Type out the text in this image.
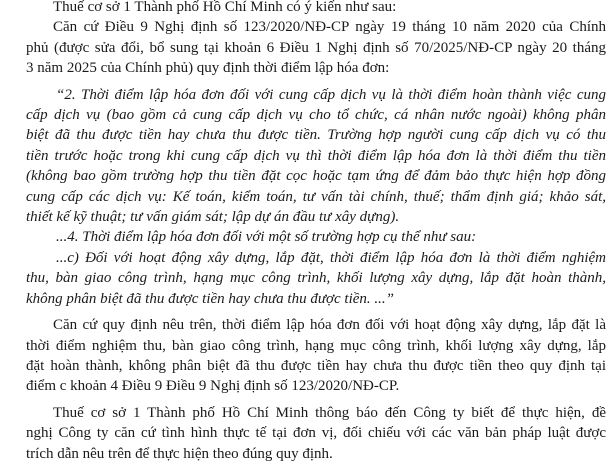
Thuế cơ sở 1 Thành phố Hồ Chí Minh có ý kiến như sau:

Căn cứ Điều 9 Nghị định số 123/2020/NĐ-CP ngày 19 tháng 10 năm 2020 của Chính
phủ (được sửa đổi, bổ sung tại khoản 6 Điều 1 Nghị định số 70/2025/NĐ-CP ngày 20 tháng
3 năm 2025 của Chính phủ) quy định thời điểm lập hóa đơn:

“2. Thời điểm lập hóa đơn đối với cung cấp dịch vụ là thời điểm hoàn thành việc cung
cấp dịch vụ (bao gồm cả cung cấp dịch vụ cho tổ chức, cá nhân nước ngoài) không phân
biệt đã thu được tiền hay chưa thu được tiền. Trường hợp người cung cấp dịch vụ có thu
tiền trước hoặc trong khi cung cấp dịch vụ thì thời điểm lập hóa đơn là thời điểm thu tiền
(không bao gồm trường hợp thu tiền đặt cọc hoặc tạm ứng để đảm bảo thực hiện hợp đồng
cung cấp các dịch vụ: Kế toán, kiểm toán, tư vấn tài chính, thuế; thẩm định giá; khảo sát,
thiết kế kỹ thuật; tư vấn giám sát; lập dự án đầu tư xây dựng).

...4. Thời điểm lập hóa đơn đối với một số trường hợp cụ thể như sau:

...c) Đối với hoạt động xây dựng, lắp đặt, thời điểm lập hóa đơn là thời điểm nghiệm
thu, bàn giao công trình, hạng mục công trình, khối lượng xây dựng, lắp đặt hoàn thành,
không phân biệt đã thu được tiền hay chưa thu được tiền. ...”

Căn cứ quy định nêu trên, thời điểm lập hóa đơn đối với hoạt động xây dựng, lắp đặt là
thời điểm nghiệm thu, bàn giao công trình, hạng mục công trình, khối lượng xây dựng, lắp
đặt hoàn thành, không phân biệt đã thu được tiền hay chưa thu được tiền theo quy định tại
điểm c khoản 4 Điều 9 Điều 9 Nghị định số 123/2020/NĐ-CP.

Thuế cơ sở 1 Thành phố Hồ Chí Minh thông báo đến Công ty biết để thực hiện, đề
nghị Công ty căn cứ tình hình thực tế tại đơn vị, đối chiếu với các văn bản pháp luật được
trích dẫn nêu trên để thực hiện theo đúng quy định.
